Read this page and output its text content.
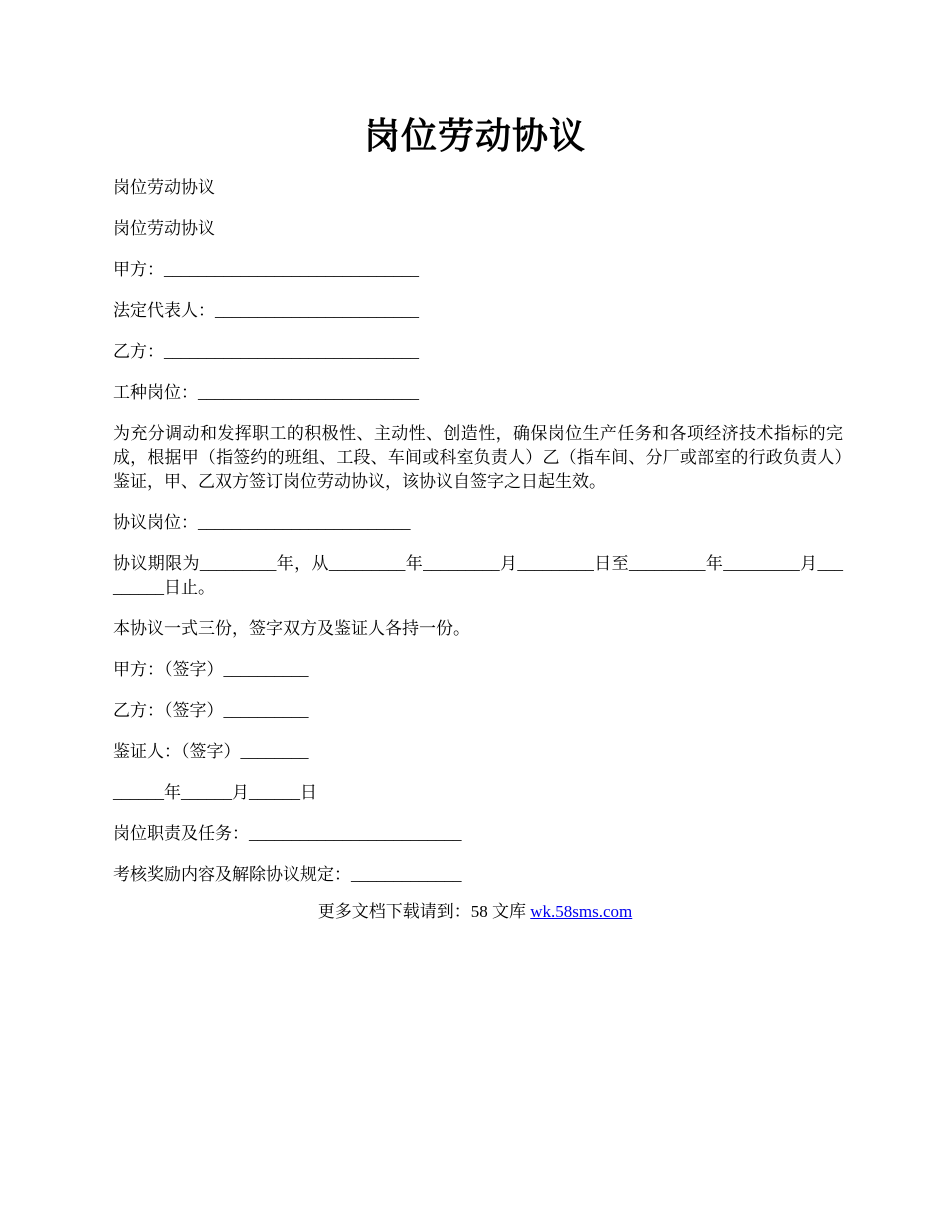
岗位劳动协议

岗位劳动协议

岗位劳动协议

甲方：______________________________

法定代表人：________________________

乙方：______________________________

工种岗位：__________________________

为充分调动和发挥职工的积极性、主动性、创造性，确保岗位生产任务和各项经济技术指标的完成，根据甲（指签约的班组、工段、车间或科室负责人）乙（指车间、分厂或部室的行政负责人）鉴证，甲、乙双方签订岗位劳动协议，该协议自签字之日起生效。

协议岗位：_________________________

协议期限为_________年，从_________年_________月_________日至_________年_________月_________日止。

本协议一式三份，签字双方及鉴证人各持一份。

甲方：（签字）__________

乙方：（签字）__________

鉴证人：（签字）________

______年______月______日

岗位职责及任务：_________________________

考核奖励内容及解除协议规定：_____________

更多文档下载请到：58 文库 wk.58sms.com
